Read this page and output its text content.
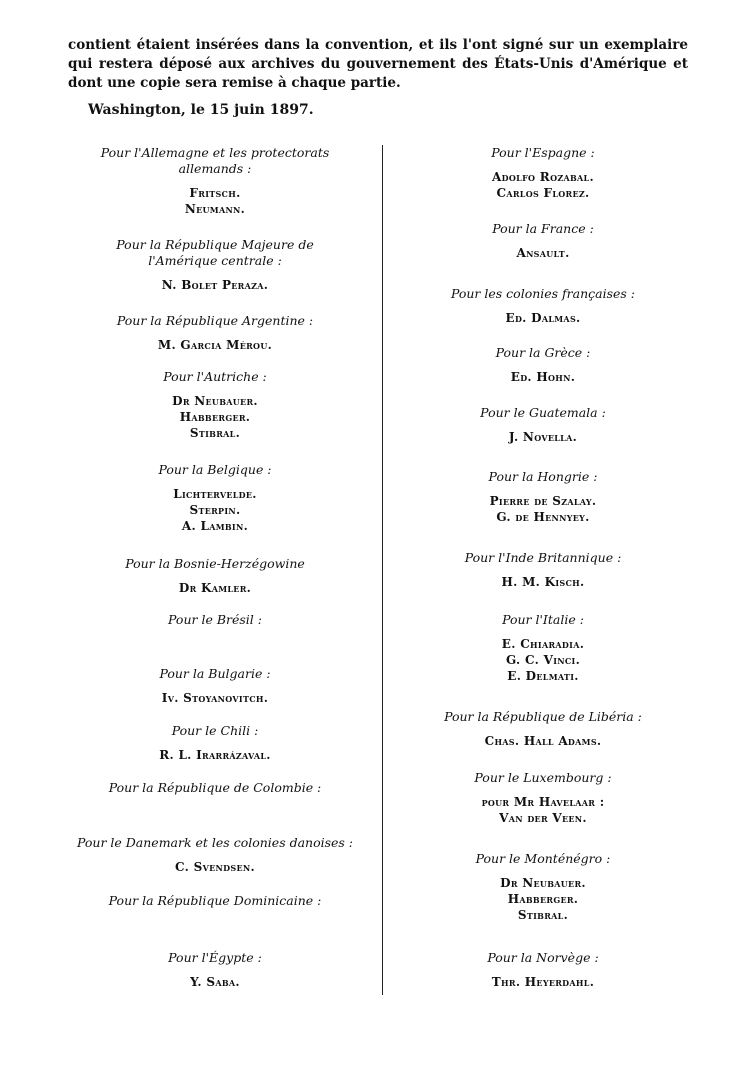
contient étaient insérées dans la convention, et ils l'ont signé sur un exemplaire qui restera déposé aux archives du gouvernement des États-Unis d'Amérique et dont une copie sera remise à chaque partie.
Washington, le 15 juin 1897.
Pour l'Allemagne et les protectorats
allemands :
Fritsch.
Neumann.
Pour la République Majeure de
l'Amérique centrale :
N. Bolet Peraza.
Pour la République Argentine :
M. Garcia Mérou.
Pour l'Autriche :
Dr Neubauer.
Habberger.
Stibral.
Pour la Belgique :
Lichtervelde.
Sterpin.
A. Lambin.
Pour la Bosnie-Herzégowine
Dr Kamler.
Pour le Brésil :
Pour la Bulgarie :
Iv. Stoyanovitch.
Pour le Chili :
R. L. Irarrázaval.
Pour la République de Colombie :
Pour le Danemark et les colonies danoises :
C. Svendsen.
Pour la République Dominicaine :
Pour l'Égypte :
Y. Saba.
Pour l'Espagne :
Adolfo Rozabal.
Carlos Florez.
Pour la France :
Ansault.
Pour les colonies françaises :
Ed. Dalmas.
Pour la Grèce :
Ed. Hohn.
Pour le Guatemala :
J. Novella.
Pour la Hongrie :
Pierre de Szalay.
G. de Hennyey.
Pour l'Inde Britannique :
H. M. Kisch.
Pour l'Italie :
E. Chiaradia.
G. C. Vinci.
E. Delmati.
Pour la République de Libéria :
Chas. Hall Adams.
Pour le Luxembourg :
pour Mr Havelaar :
Van der Veen.
Pour le Monténégro :
Dr Neubauer.
Habberger.
Stibral.
Pour la Norvège :
Thr. Heyerdahl.
